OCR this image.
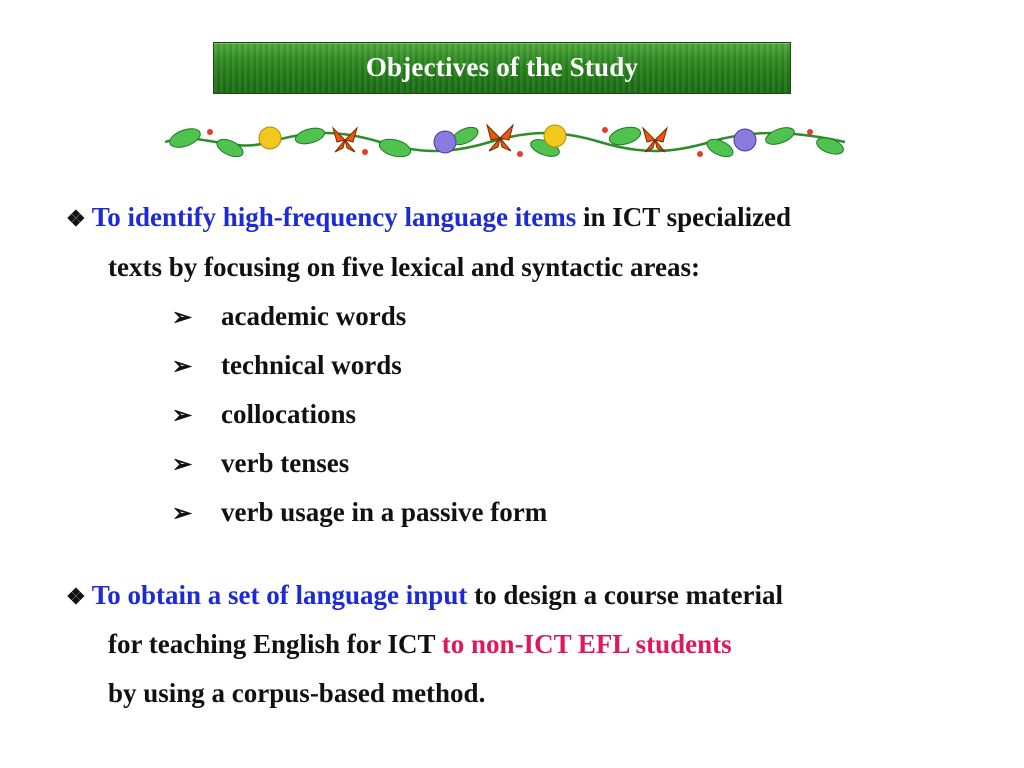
Objectives of the Study
❖ To identify high-frequency language items in ICT specialized
texts by focusing on five lexical and syntactic areas:
➢ academic words
➢ technical words
➢ collocations
➢ verb tenses
➢ verb usage in a passive form
❖ To obtain a set of language input to design a course material
for teaching English for ICT to non-ICT EFL students
by using a corpus-based method.
